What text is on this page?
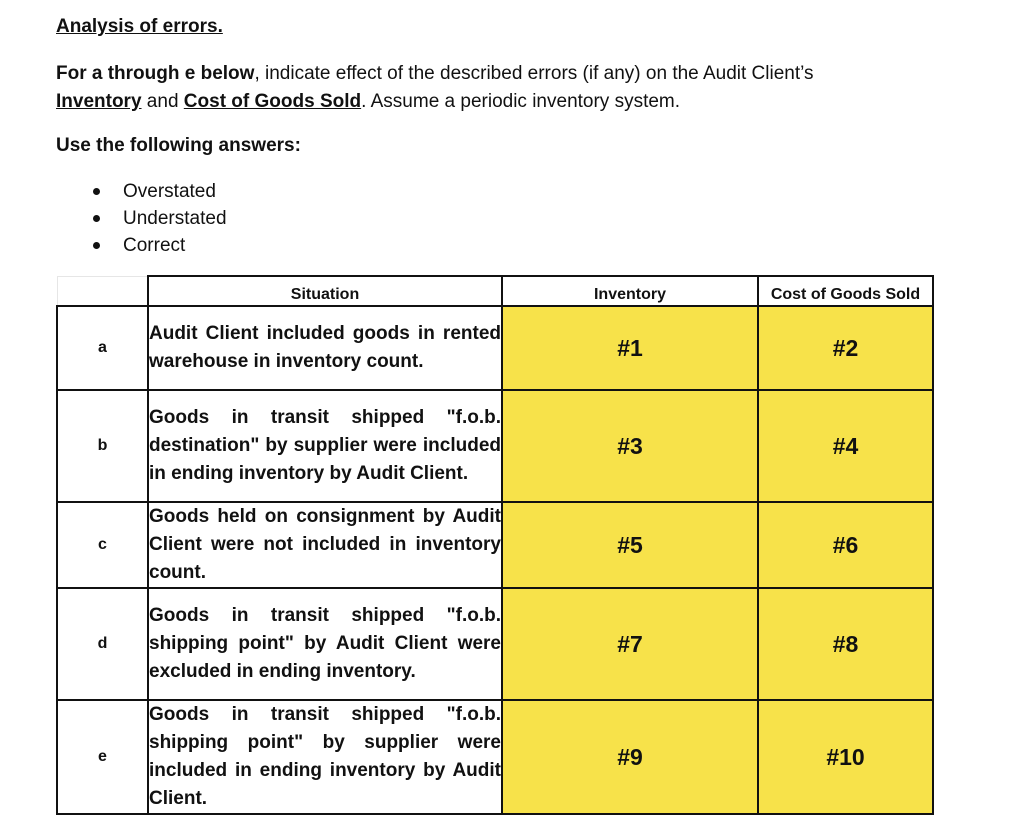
Analysis of errors.

For a through e below, indicate effect of the described errors (if any) on the Audit Client’s
Inventory and Cost of Goods Sold. Assume a periodic inventory system.

Use the following answers:

Overstated
Understated
Correct
	Situation	Inventory	Cost of Goods Sold
a	Audit Client included goods in rented warehouse in inventory count.	#1	#2
b	Goods in transit shipped "f.o.b. destination" by supplier were included in ending inventory by Audit Client.	#3	#4
c	Goods held on consignment by Audit Client were not included in inventory count.	#5	#6
d	Goods in transit shipped "f.o.b. shipping point" by Audit Client were excluded in ending inventory.	#7	#8
e	Goods in transit shipped "f.o.b. shipping point" by supplier were included in ending inventory by Audit Client.	#9	#10
